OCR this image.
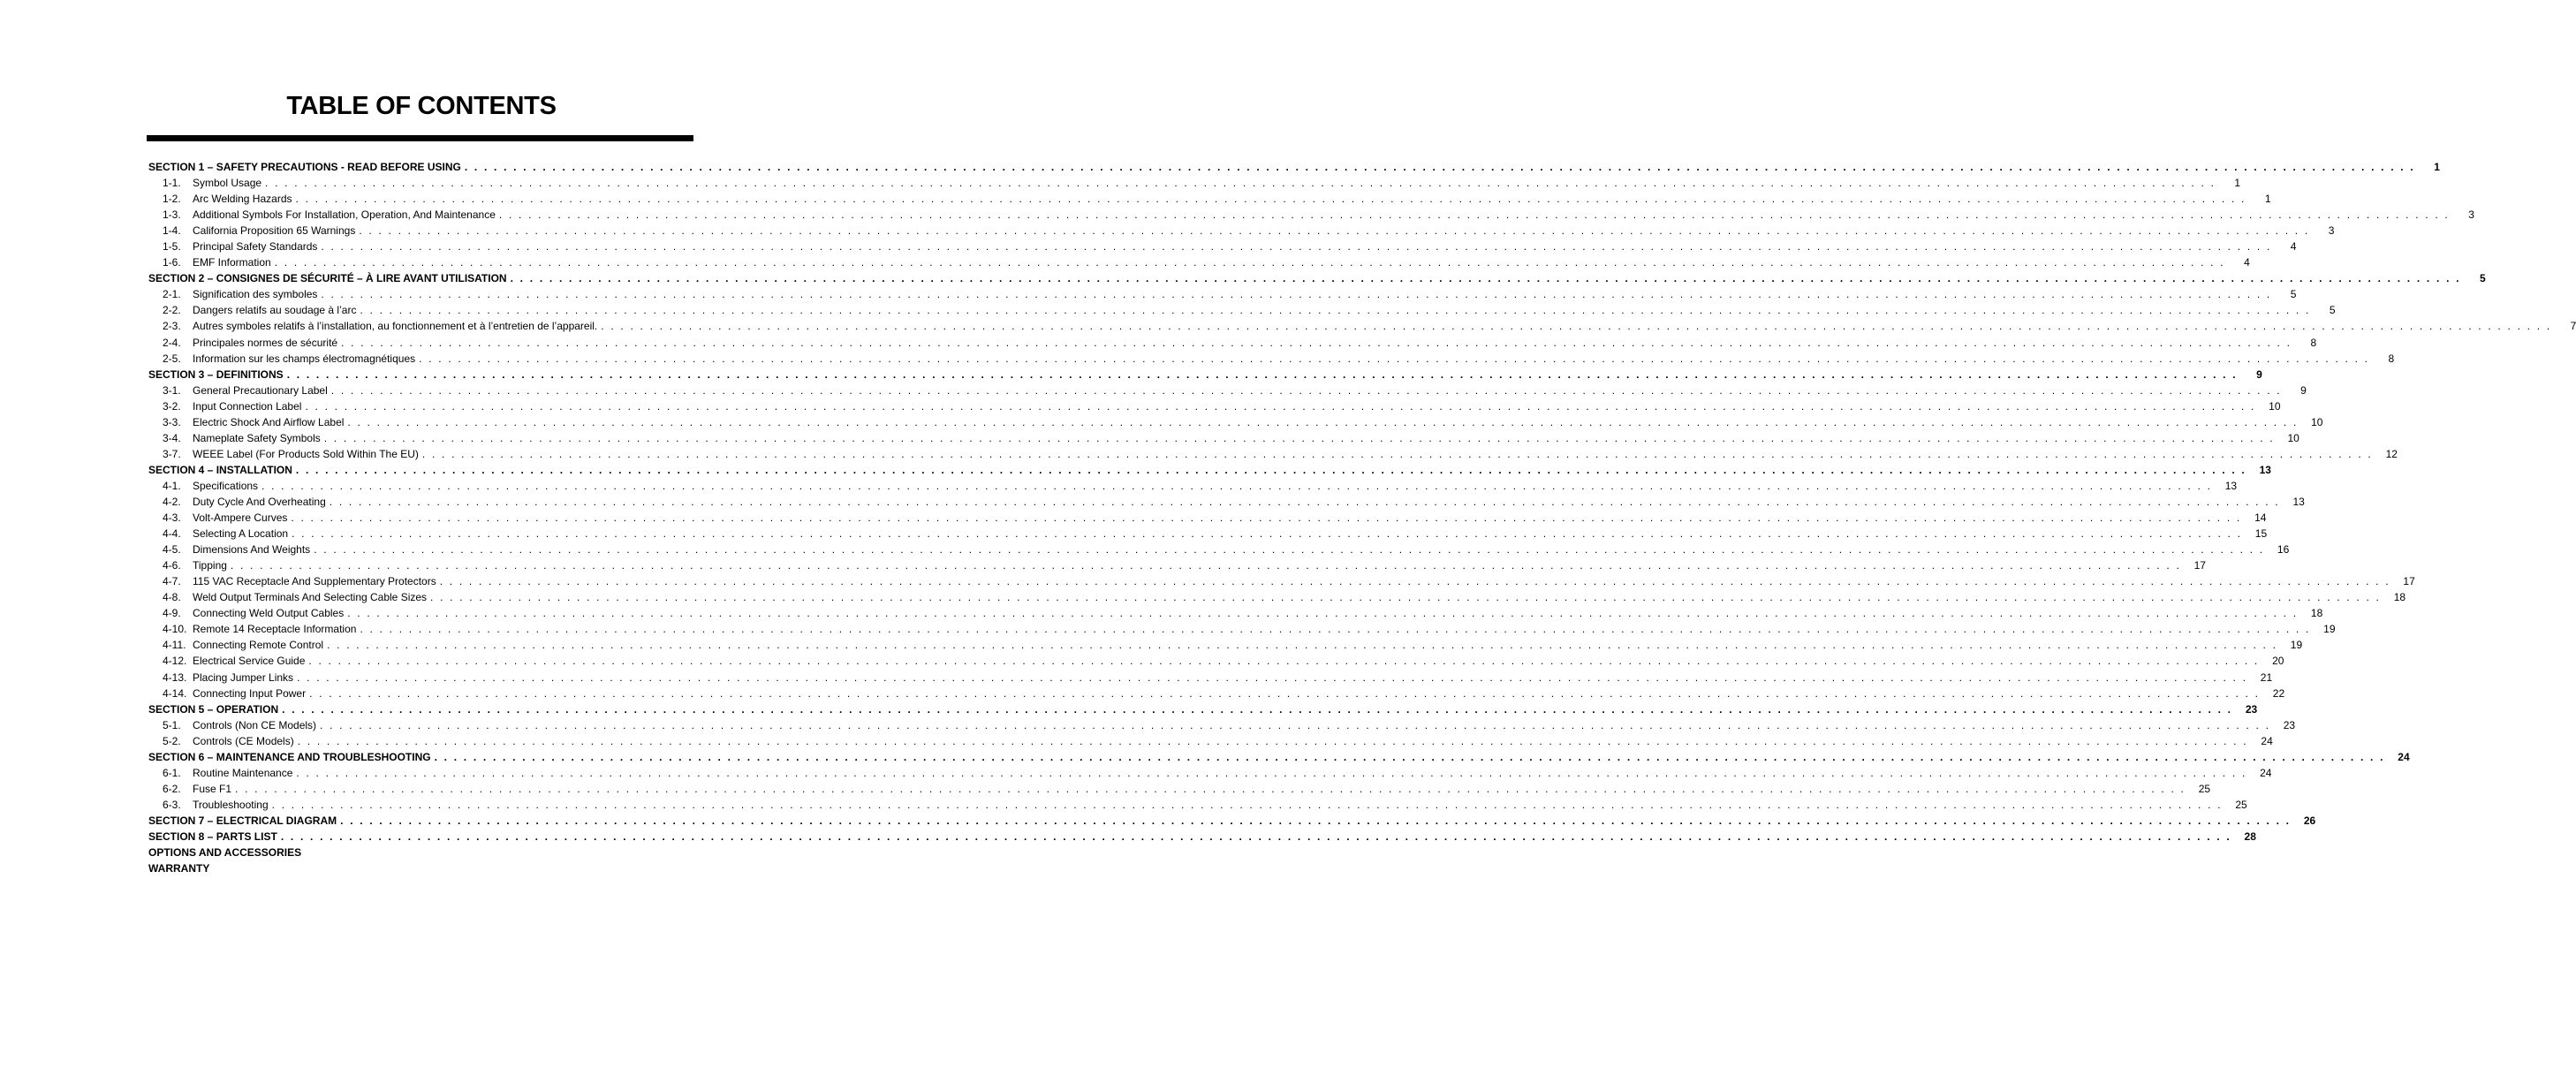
TABLE OF CONTENTS
SECTION 1 – SAFETY PRECAUTIONS - READ BEFORE USING . . . . . . . . . . . . . . . . . . . . . . . . . . . . . . . . . . . . . . . . . . . . . . . . . . . . . . . . . . . . . . . . . . . . . . . . . . . . . . . . . . . . . . . . . . . . . . . . . . . . . . . . . . . . . . . . . . . . . . . . . . . . . . . . . . . . . . . . . . . . . . . . . . . . . . . . . . . . . . . . . . . . . . . . . . . . . . . . . . . . . . . . . . . . . . . . . . . . . . . .	1
1-1.	Symbol Usage . . . . . . . . . . . . . . . . . . . . . . . . . . . . . . . . . . . . . . . . . . . . . . . . . . . . . . . . . . . . . . . . . . . . . . . . . . . . . . . . . . . . . . . . . . . . . . . . . . . . . . . . . . . . . . . . . . . . . . . . . . . . . . . . . . . . . . . . . . . . . . . . . . . . . . . . . . . . . . . . . . . . . . . . . . . . . . . . . . . . . . . . . . . . . . . . . . . . . . . .	1
1-2.	Arc Welding Hazards . . . . . . . . . . . . . . . . . . . . . . . . . . . . . . . . . . . . . . . . . . . . . . . . . . . . . . . . . . . . . . . . . . . . . . . . . . . . . . . . . . . . . . . . . . . . . . . . . . . . . . . . . . . . . . . . . . . . . . . . . . . . . . . . . . . . . . . . . . . . . . . . . . . . . . . . . . . . . . . . . . . . . . . . . . . . . . . . . . . . . . . . . . . . . . . . . . . . . . . .	1
1-3.	Additional Symbols For Installation, Operation, And Maintenance . . . . . . . . . . . . . . . . . . . . . . . . . . . . . . . . . . . . . . . . . . . . . . . . . . . . . . . . . . . . . . . . . . . . . . . . . . . . . . . . . . . . . . . . . . . . . . . . . . . . . . . . . . . . . . . . . . . . . . . . . . . . . . . . . . . . . . . . . . . . . . . . . . . . . . . . . . . . . . . . . . . . . . . . . . . . . . . . . . . . . . . . . . . . . . . . . . . . . . . .	3
1-4.	California Proposition 65 Warnings . . . . . . . . . . . . . . . . . . . . . . . . . . . . . . . . . . . . . . . . . . . . . . . . . . . . . . . . . . . . . . . . . . . . . . . . . . . . . . . . . . . . . . . . . . . . . . . . . . . . . . . . . . . . . . . . . . . . . . . . . . . . . . . . . . . . . . . . . . . . . . . . . . . . . . . . . . . . . . . . . . . . . . . . . . . . . . . . . . . . . . . . . . . . . . . . . . . . . . . .	3
1-5.	Principal Safety Standards . . . . . . . . . . . . . . . . . . . . . . . . . . . . . . . . . . . . . . . . . . . . . . . . . . . . . . . . . . . . . . . . . . . . . . . . . . . . . . . . . . . . . . . . . . . . . . . . . . . . . . . . . . . . . . . . . . . . . . . . . . . . . . . . . . . . . . . . . . . . . . . . . . . . . . . . . . . . . . . . . . . . . . . . . . . . . . . . . . . . . . . . . . . . . . . . . . . . . . . .	4
1-6.	EMF Information . . . . . . . . . . . . . . . . . . . . . . . . . . . . . . . . . . . . . . . . . . . . . . . . . . . . . . . . . . . . . . . . . . . . . . . . . . . . . . . . . . . . . . . . . . . . . . . . . . . . . . . . . . . . . . . . . . . . . . . . . . . . . . . . . . . . . . . . . . . . . . . . . . . . . . . . . . . . . . . . . . . . . . . . . . . . . . . . . . . . . . . . . . . . . . . . . . . . . . . .	4
SECTION 2 – CONSIGNES DE SÉCURITÉ – À LIRE AVANT UTILISATION . . . . . . . . . . . . . . . . . . . . . . . . . . . . . . . . . . . . . . . . . . . . . . . . . . . . . . . . . . . . . . . . . . . . . . . . . . . . . . . . . . . . . . . . . . . . . . . . . . . . . . . . . . . . . . . . . . . . . . . . . . . . . . . . . . . . . . . . . . . . . . . . . . . . . . . . . . . . . . . . . . . . . . . . . . . . . . . . . . . . . . . . . . . . . . . . . . . . . . . .	5
2-1.	Signification des symboles . . . . . . . . . . . . . . . . . . . . . . . . . . . . . . . . . . . . . . . . . . . . . . . . . . . . . . . . . . . . . . . . . . . . . . . . . . . . . . . . . . . . . . . . . . . . . . . . . . . . . . . . . . . . . . . . . . . . . . . . . . . . . . . . . . . . . . . . . . . . . . . . . . . . . . . . . . . . . . . . . . . . . . . . . . . . . . . . . . . . . . . . . . . . . . . . . . . . . . . .	5
2-2.	Dangers relatifs au soudage à l’arc . . . . . . . . . . . . . . . . . . . . . . . . . . . . . . . . . . . . . . . . . . . . . . . . . . . . . . . . . . . . . . . . . . . . . . . . . . . . . . . . . . . . . . . . . . . . . . . . . . . . . . . . . . . . . . . . . . . . . . . . . . . . . . . . . . . . . . . . . . . . . . . . . . . . . . . . . . . . . . . . . . . . . . . . . . . . . . . . . . . . . . . . . . . . . . . . . . . . . . . .	5
2-3.	Autres symboles relatifs à l’installation, au fonctionnement et à l’entretien de l’appareil. . . . . . . . . . . . . . . . . . . . . . . . . . . . . . . . . . . . . . . . . . . . . . . . . . . . . . . . . . . . . . . . . . . . . . . . . . . . . . . . . . . . . . . . . . . . . . . . . . . . . . . . . . . . . . . . . . . . . . . . . . . . . . . . . . . . . . . . . . . . . . . . . . . . . . . . . . . . . . . . . . . . . . . . . . . . . . . . . . . . . . . . . . . . . . . . . . . . . . . . .	7
2-4.	Principales normes de sécurité . . . . . . . . . . . . . . . . . . . . . . . . . . . . . . . . . . . . . . . . . . . . . . . . . . . . . . . . . . . . . . . . . . . . . . . . . . . . . . . . . . . . . . . . . . . . . . . . . . . . . . . . . . . . . . . . . . . . . . . . . . . . . . . . . . . . . . . . . . . . . . . . . . . . . . . . . . . . . . . . . . . . . . . . . . . . . . . . . . . . . . . . . . . . . . . . . . . . . . . .	8
2-5.	Information sur les champs électromagnétiques . . . . . . . . . . . . . . . . . . . . . . . . . . . . . . . . . . . . . . . . . . . . . . . . . . . . . . . . . . . . . . . . . . . . . . . . . . . . . . . . . . . . . . . . . . . . . . . . . . . . . . . . . . . . . . . . . . . . . . . . . . . . . . . . . . . . . . . . . . . . . . . . . . . . . . . . . . . . . . . . . . . . . . . . . . . . . . . . . . . . . . . . . . . . . . . . . . . . . . . .	8
SECTION 3 – DEFINITIONS . . . . . . . . . . . . . . . . . . . . . . . . . . . . . . . . . . . . . . . . . . . . . . . . . . . . . . . . . . . . . . . . . . . . . . . . . . . . . . . . . . . . . . . . . . . . . . . . . . . . . . . . . . . . . . . . . . . . . . . . . . . . . . . . . . . . . . . . . . . . . . . . . . . . . . . . . . . . . . . . . . . . . . . . . . . . . . . . . . . . . . . . . . . . . . . . . . . . . . . .	9
3-1.	General Precautionary Label . . . . . . . . . . . . . . . . . . . . . . . . . . . . . . . . . . . . . . . . . . . . . . . . . . . . . . . . . . . . . . . . . . . . . . . . . . . . . . . . . . . . . . . . . . . . . . . . . . . . . . . . . . . . . . . . . . . . . . . . . . . . . . . . . . . . . . . . . . . . . . . . . . . . . . . . . . . . . . . . . . . . . . . . . . . . . . . . . . . . . . . . . . . . . . . . . . . . . . . .	9
3-2.	Input Connection Label . . . . . . . . . . . . . . . . . . . . . . . . . . . . . . . . . . . . . . . . . . . . . . . . . . . . . . . . . . . . . . . . . . . . . . . . . . . . . . . . . . . . . . . . . . . . . . . . . . . . . . . . . . . . . . . . . . . . . . . . . . . . . . . . . . . . . . . . . . . . . . . . . . . . . . . . . . . . . . . . . . . . . . . . . . . . . . . . . . . . . . . . . . . . . . . . . . . . . . . .	10
3-3.	Electric Shock And Airflow Label . . . . . . . . . . . . . . . . . . . . . . . . . . . . . . . . . . . . . . . . . . . . . . . . . . . . . . . . . . . . . . . . . . . . . . . . . . . . . . . . . . . . . . . . . . . . . . . . . . . . . . . . . . . . . . . . . . . . . . . . . . . . . . . . . . . . . . . . . . . . . . . . . . . . . . . . . . . . . . . . . . . . . . . . . . . . . . . . . . . . . . . . . . . . . . . . . . . . . . . .	10
3-4.	Nameplate Safety Symbols . . . . . . . . . . . . . . . . . . . . . . . . . . . . . . . . . . . . . . . . . . . . . . . . . . . . . . . . . . . . . . . . . . . . . . . . . . . . . . . . . . . . . . . . . . . . . . . . . . . . . . . . . . . . . . . . . . . . . . . . . . . . . . . . . . . . . . . . . . . . . . . . . . . . . . . . . . . . . . . . . . . . . . . . . . . . . . . . . . . . . . . . . . . . . . . . . . . . . . . .	10
3-7.	WEEE Label (For Products Sold Within The EU) . . . . . . . . . . . . . . . . . . . . . . . . . . . . . . . . . . . . . . . . . . . . . . . . . . . . . . . . . . . . . . . . . . . . . . . . . . . . . . . . . . . . . . . . . . . . . . . . . . . . . . . . . . . . . . . . . . . . . . . . . . . . . . . . . . . . . . . . . . . . . . . . . . . . . . . . . . . . . . . . . . . . . . . . . . . . . . . . . . . . . . . . . . . . . . . . . . . . . . . .	12
SECTION 4 – INSTALLATION . . . . . . . . . . . . . . . . . . . . . . . . . . . . . . . . . . . . . . . . . . . . . . . . . . . . . . . . . . . . . . . . . . . . . . . . . . . . . . . . . . . . . . . . . . . . . . . . . . . . . . . . . . . . . . . . . . . . . . . . . . . . . . . . . . . . . . . . . . . . . . . . . . . . . . . . . . . . . . . . . . . . . . . . . . . . . . . . . . . . . . . . . . . . . . . . . . . . . . . .	13
4-1.	Specifications . . . . . . . . . . . . . . . . . . . . . . . . . . . . . . . . . . . . . . . . . . . . . . . . . . . . . . . . . . . . . . . . . . . . . . . . . . . . . . . . . . . . . . . . . . . . . . . . . . . . . . . . . . . . . . . . . . . . . . . . . . . . . . . . . . . . . . . . . . . . . . . . . . . . . . . . . . . . . . . . . . . . . . . . . . . . . . . . . . . . . . . . . . . . . . . . . . . . . . . .	13
4-2.	Duty Cycle And Overheating . . . . . . . . . . . . . . . . . . . . . . . . . . . . . . . . . . . . . . . . . . . . . . . . . . . . . . . . . . . . . . . . . . . . . . . . . . . . . . . . . . . . . . . . . . . . . . . . . . . . . . . . . . . . . . . . . . . . . . . . . . . . . . . . . . . . . . . . . . . . . . . . . . . . . . . . . . . . . . . . . . . . . . . . . . . . . . . . . . . . . . . . . . . . . . . . . . . . . . . .	13
4-3.	Volt-Ampere Curves . . . . . . . . . . . . . . . . . . . . . . . . . . . . . . . . . . . . . . . . . . . . . . . . . . . . . . . . . . . . . . . . . . . . . . . . . . . . . . . . . . . . . . . . . . . . . . . . . . . . . . . . . . . . . . . . . . . . . . . . . . . . . . . . . . . . . . . . . . . . . . . . . . . . . . . . . . . . . . . . . . . . . . . . . . . . . . . . . . . . . . . . . . . . . . . . . . . . . . . .	14
4-4.	Selecting A Location . . . . . . . . . . . . . . . . . . . . . . . . . . . . . . . . . . . . . . . . . . . . . . . . . . . . . . . . . . . . . . . . . . . . . . . . . . . . . . . . . . . . . . . . . . . . . . . . . . . . . . . . . . . . . . . . . . . . . . . . . . . . . . . . . . . . . . . . . . . . . . . . . . . . . . . . . . . . . . . . . . . . . . . . . . . . . . . . . . . . . . . . . . . . . . . . . . . . . . . .	15
4-5.	Dimensions And Weights . . . . . . . . . . . . . . . . . . . . . . . . . . . . . . . . . . . . . . . . . . . . . . . . . . . . . . . . . . . . . . . . . . . . . . . . . . . . . . . . . . . . . . . . . . . . . . . . . . . . . . . . . . . . . . . . . . . . . . . . . . . . . . . . . . . . . . . . . . . . . . . . . . . . . . . . . . . . . . . . . . . . . . . . . . . . . . . . . . . . . . . . . . . . . . . . . . . . . . . .	16
4-6.	Tipping . . . . . . . . . . . . . . . . . . . . . . . . . . . . . . . . . . . . . . . . . . . . . . . . . . . . . . . . . . . . . . . . . . . . . . . . . . . . . . . . . . . . . . . . . . . . . . . . . . . . . . . . . . . . . . . . . . . . . . . . . . . . . . . . . . . . . . . . . . . . . . . . . . . . . . . . . . . . . . . . . . . . . . . . . . . . . . . . . . . . . . . . . . . . . . . . . . . . . . . .	17
4-7.	115 VAC Receptacle And Supplementary Protectors . . . . . . . . . . . . . . . . . . . . . . . . . . . . . . . . . . . . . . . . . . . . . . . . . . . . . . . . . . . . . . . . . . . . . . . . . . . . . . . . . . . . . . . . . . . . . . . . . . . . . . . . . . . . . . . . . . . . . . . . . . . . . . . . . . . . . . . . . . . . . . . . . . . . . . . . . . . . . . . . . . . . . . . . . . . . . . . . . . . . . . . . . . . . . . . . . . . . . . . .	17
4-8.	Weld Output Terminals And Selecting Cable Sizes . . . . . . . . . . . . . . . . . . . . . . . . . . . . . . . . . . . . . . . . . . . . . . . . . . . . . . . . . . . . . . . . . . . . . . . . . . . . . . . . . . . . . . . . . . . . . . . . . . . . . . . . . . . . . . . . . . . . . . . . . . . . . . . . . . . . . . . . . . . . . . . . . . . . . . . . . . . . . . . . . . . . . . . . . . . . . . . . . . . . . . . . . . . . . . . . . . . . . . . .	18
4-9.	Connecting Weld Output Cables . . . . . . . . . . . . . . . . . . . . . . . . . . . . . . . . . . . . . . . . . . . . . . . . . . . . . . . . . . . . . . . . . . . . . . . . . . . . . . . . . . . . . . . . . . . . . . . . . . . . . . . . . . . . . . . . . . . . . . . . . . . . . . . . . . . . . . . . . . . . . . . . . . . . . . . . . . . . . . . . . . . . . . . . . . . . . . . . . . . . . . . . . . . . . . . . . . . . . . . .	18
4-10. Remote 14 Receptacle Information . . . . . . . . . . . . . . . . . . . . . . . . . . . . . . . . . . . . . . . . . . . . . . . . . . . . . . . . . . . . . . . . . . . . . . . . . . . . . . . . . . . . . . . . . . . . . . . . . . . . . . . . . . . . . . . . . . . . . . . . . . . . . . . . . . . . . . . . . . . . . . . . . . . . . . . . . . . . . . . . . . . . . . . . . . . . . . . . . . . . . . . . . . . . . . . . . . . . . . . .	19
4-11. Connecting Remote Control . . . . . . . . . . . . . . . . . . . . . . . . . . . . . . . . . . . . . . . . . . . . . . . . . . . . . . . . . . . . . . . . . . . . . . . . . . . . . . . . . . . . . . . . . . . . . . . . . . . . . . . . . . . . . . . . . . . . . . . . . . . . . . . . . . . . . . . . . . . . . . . . . . . . . . . . . . . . . . . . . . . . . . . . . . . . . . . . . . . . . . . . . . . . . . . . . . . . . . . .	19
4-12. Electrical Service Guide . . . . . . . . . . . . . . . . . . . . . . . . . . . . . . . . . . . . . . . . . . . . . . . . . . . . . . . . . . . . . . . . . . . . . . . . . . . . . . . . . . . . . . . . . . . . . . . . . . . . . . . . . . . . . . . . . . . . . . . . . . . . . . . . . . . . . . . . . . . . . . . . . . . . . . . . . . . . . . . . . . . . . . . . . . . . . . . . . . . . . . . . . . . . . . . . . . . . . . . .	20
4-13. Placing Jumper Links . . . . . . . . . . . . . . . . . . . . . . . . . . . . . . . . . . . . . . . . . . . . . . . . . . . . . . . . . . . . . . . . . . . . . . . . . . . . . . . . . . . . . . . . . . . . . . . . . . . . . . . . . . . . . . . . . . . . . . . . . . . . . . . . . . . . . . . . . . . . . . . . . . . . . . . . . . . . . . . . . . . . . . . . . . . . . . . . . . . . . . . . . . . . . . . . . . . . . . . .	21
4-14. Connecting Input Power . . . . . . . . . . . . . . . . . . . . . . . . . . . . . . . . . . . . . . . . . . . . . . . . . . . . . . . . . . . . . . . . . . . . . . . . . . . . . . . . . . . . . . . . . . . . . . . . . . . . . . . . . . . . . . . . . . . . . . . . . . . . . . . . . . . . . . . . . . . . . . . . . . . . . . . . . . . . . . . . . . . . . . . . . . . . . . . . . . . . . . . . . . . . . . . . . . . . . . . .	22
SECTION 5 – OPERATION . . . . . . . . . . . . . . . . . . . . . . . . . . . . . . . . . . . . . . . . . . . . . . . . . . . . . . . . . . . . . . . . . . . . . . . . . . . . . . . . . . . . . . . . . . . . . . . . . . . . . . . . . . . . . . . . . . . . . . . . . . . . . . . . . . . . . . . . . . . . . . . . . . . . . . . . . . . . . . . . . . . . . . . . . . . . . . . . . . . . . . . . . . . . . . . . . . . . . . . .	23
5-1.	Controls (Non CE Models) . . . . . . . . . . . . . . . . . . . . . . . . . . . . . . . . . . . . . . . . . . . . . . . . . . . . . . . . . . . . . . . . . . . . . . . . . . . . . . . . . . . . . . . . . . . . . . . . . . . . . . . . . . . . . . . . . . . . . . . . . . . . . . . . . . . . . . . . . . . . . . . . . . . . . . . . . . . . . . . . . . . . . . . . . . . . . . . . . . . . . . . . . . . . . . . . . . . . . . . .	23
5-2.	Controls (CE Models) . . . . . . . . . . . . . . . . . . . . . . . . . . . . . . . . . . . . . . . . . . . . . . . . . . . . . . . . . . . . . . . . . . . . . . . . . . . . . . . . . . . . . . . . . . . . . . . . . . . . . . . . . . . . . . . . . . . . . . . . . . . . . . . . . . . . . . . . . . . . . . . . . . . . . . . . . . . . . . . . . . . . . . . . . . . . . . . . . . . . . . . . . . . . . . . . . . . . . . . .	24
SECTION 6 – MAINTENANCE AND TROUBLESHOOTING . . . . . . . . . . . . . . . . . . . . . . . . . . . . . . . . . . . . . . . . . . . . . . . . . . . . . . . . . . . . . . . . . . . . . . . . . . . . . . . . . . . . . . . . . . . . . . . . . . . . . . . . . . . . . . . . . . . . . . . . . . . . . . . . . . . . . . . . . . . . . . . . . . . . . . . . . . . . . . . . . . . . . . . . . . . . . . . . . . . . . . . . . . . . . . . . . . . . . . . .	24
6-1.	Routine Maintenance . . . . . . . . . . . . . . . . . . . . . . . . . . . . . . . . . . . . . . . . . . . . . . . . . . . . . . . . . . . . . . . . . . . . . . . . . . . . . . . . . . . . . . . . . . . . . . . . . . . . . . . . . . . . . . . . . . . . . . . . . . . . . . . . . . . . . . . . . . . . . . . . . . . . . . . . . . . . . . . . . . . . . . . . . . . . . . . . . . . . . . . . . . . . . . . . . . . . . . . .	24
6-2.	Fuse F1 . . . . . . . . . . . . . . . . . . . . . . . . . . . . . . . . . . . . . . . . . . . . . . . . . . . . . . . . . . . . . . . . . . . . . . . . . . . . . . . . . . . . . . . . . . . . . . . . . . . . . . . . . . . . . . . . . . . . . . . . . . . . . . . . . . . . . . . . . . . . . . . . . . . . . . . . . . . . . . . . . . . . . . . . . . . . . . . . . . . . . . . . . . . . . . . . . . . . . . . .	25
6-3.	Troubleshooting . . . . . . . . . . . . . . . . . . . . . . . . . . . . . . . . . . . . . . . . . . . . . . . . . . . . . . . . . . . . . . . . . . . . . . . . . . . . . . . . . . . . . . . . . . . . . . . . . . . . . . . . . . . . . . . . . . . . . . . . . . . . . . . . . . . . . . . . . . . . . . . . . . . . . . . . . . . . . . . . . . . . . . . . . . . . . . . . . . . . . . . . . . . . . . . . . . . . . . . .	25
SECTION 7 – ELECTRICAL DIAGRAM . . . . . . . . . . . . . . . . . . . . . . . . . . . . . . . . . . . . . . . . . . . . . . . . . . . . . . . . . . . . . . . . . . . . . . . . . . . . . . . . . . . . . . . . . . . . . . . . . . . . . . . . . . . . . . . . . . . . . . . . . . . . . . . . . . . . . . . . . . . . . . . . . . . . . . . . . . . . . . . . . . . . . . . . . . . . . . . . . . . . . . . . . . . . . . . . . . . . . . . .	26
SECTION 8 – PARTS LIST . . . . . . . . . . . . . . . . . . . . . . . . . . . . . . . . . . . . . . . . . . . . . . . . . . . . . . . . . . . . . . . . . . . . . . . . . . . . . . . . . . . . . . . . . . . . . . . . . . . . . . . . . . . . . . . . . . . . . . . . . . . . . . . . . . . . . . . . . . . . . . . . . . . . . . . . . . . . . . . . . . . . . . . . . . . . . . . . . . . . . . . . . . . . . . . . . . . . . . . .	28
OPTIONS AND ACCESSORIES
WARRANTY
